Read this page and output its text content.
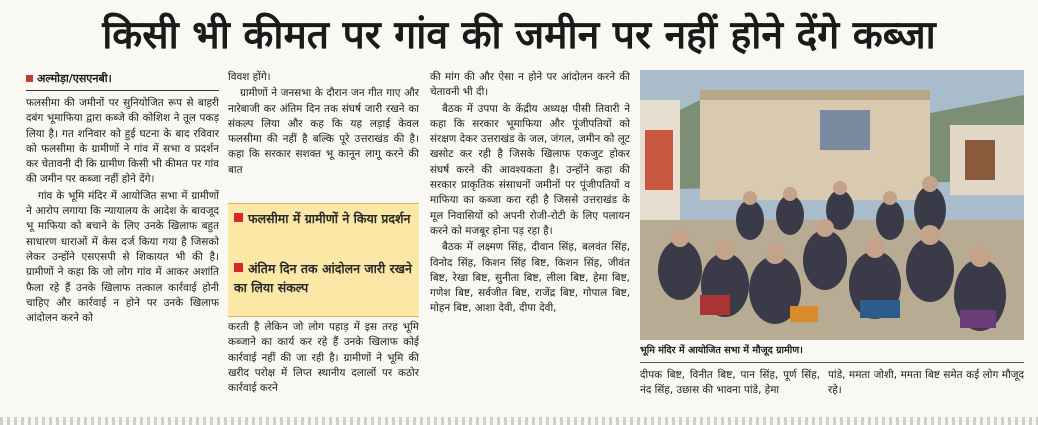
किसी भी कीमत पर गांव की जमीन पर नहीं होने देंगे कब्जा
अल्मोड़ा/एसएनबी।

फलसीमा की जमीनों पर सुनियोजित रूप से बाहरी दबंग भूमाफिया द्वारा कब्जे की कोशिश ने तूल पकड़ लिया है। गत शनिवार को हुई घटना के बाद रविवार को फलसीमा के ग्रामीणों ने गांव में सभा व प्रदर्शन कर चेतावनी दी कि ग्रामीण किसी भी कीमत पर गांव की जमीन पर कब्जा नहीं होने देंगे।

गांव के भूमि मंदिर में आयोजित सभा में ग्रामीणों ने आरोप लगाया कि न्यायालय के आदेश के बावजूद भू माफिया को बचाने के लिए उनके खिलाफ बहुत साधारण धाराओं में केस दर्ज किया गया है जिसको लेकर उन्होंने एसएसपी से शिकायत भी की है। ग्रामीणों ने कहा कि जो लोग गांव में आकर अशांति फैला रहे हैं उनके खिलाफ तत्काल कार्रवाई होनी चाहिए और कार्रवाई न होने पर उनके खिलाफ आंदोलन करने को

विवश होंगे।

ग्रामीणों ने जनसभा के दौरान जन गीत गाए और नारेबाजी कर अंतिम दिन तक संघर्ष जारी रखने का संकल्प लिया और कह कि यह लड़ाई केवल फलसीमा की नहीं है बल्कि पूरे उत्तराखंड की है। कहा कि सरकार सशक्त भू कानून लागू करने की बात

फलसीमा में ग्रामीणों ने किया प्रदर्शन
अंतिम दिन तक आंदोलन जारी रखने का लिया संकल्प

करती है लेकिन जो लोग पहाड़ में इस तरह भूमि कब्जाने का कार्य कर रहे हैं उनके खिलाफ कोई कार्रवाई नहीं की जा रही है। ग्रामीणों ने भूमि की खरीद परोक्ष में लिप्त स्थानीय दलालों पर कठोर कार्रवाई करने

की मांग की और ऐसा न होने पर आंदोलन करने की चेतावनी भी दी।

बैठक में उपपा के केंद्रीय अध्यक्ष पीसी तिवारी ने कहा कि सरकार भूमाफिया और पूंजीपतियों को संरक्षण देकर उत्तराखंड के जल, जंगल, जमीन को लूट खसोट कर रही है जिसके खिलाफ एकजुट होकर संघर्ष करने की आवश्यकता है। उन्होंने कहा की सरकार प्राकृतिक संसाधनों जमीनों पर पूंजीपतियों व माफिया का कब्जा करा रही है जिससे उत्तराखंड के मूल निवासियों को अपनी रोजी-रोटी के लिए पलायन करने को मजबूर होना पड़ रहा है।

बैठक में लक्ष्मण सिंह, दीवान सिंह, बलवंत सिंह, विनोद सिंह, किशन सिंह बिष्ट, किशन सिंह, जीवंत बिष्ट, रेखा बिष्ट, सुनीता बिष्ट, लीला बिष्ट, हेमा बिष्ट, गणेश बिष्ट, सर्वजीत बिष्ट, राजेंद्र बिष्ट, गोपाल बिष्ट, मोहन बिष्ट, आशा देवी, दीपा देवी,

भूमि मंदिर में आयोजित सभा में मौजूद ग्रामीण।

दीपक बिष्ट, विनीत बिष्ट, पान सिंह, पूर्ण सिंह, नंद सिंह, उछास की भावना पांडे, हेमा

पांडे, ममता जोशी, ममता बिष्ट समेत कई लोग मौजूद रहे।
